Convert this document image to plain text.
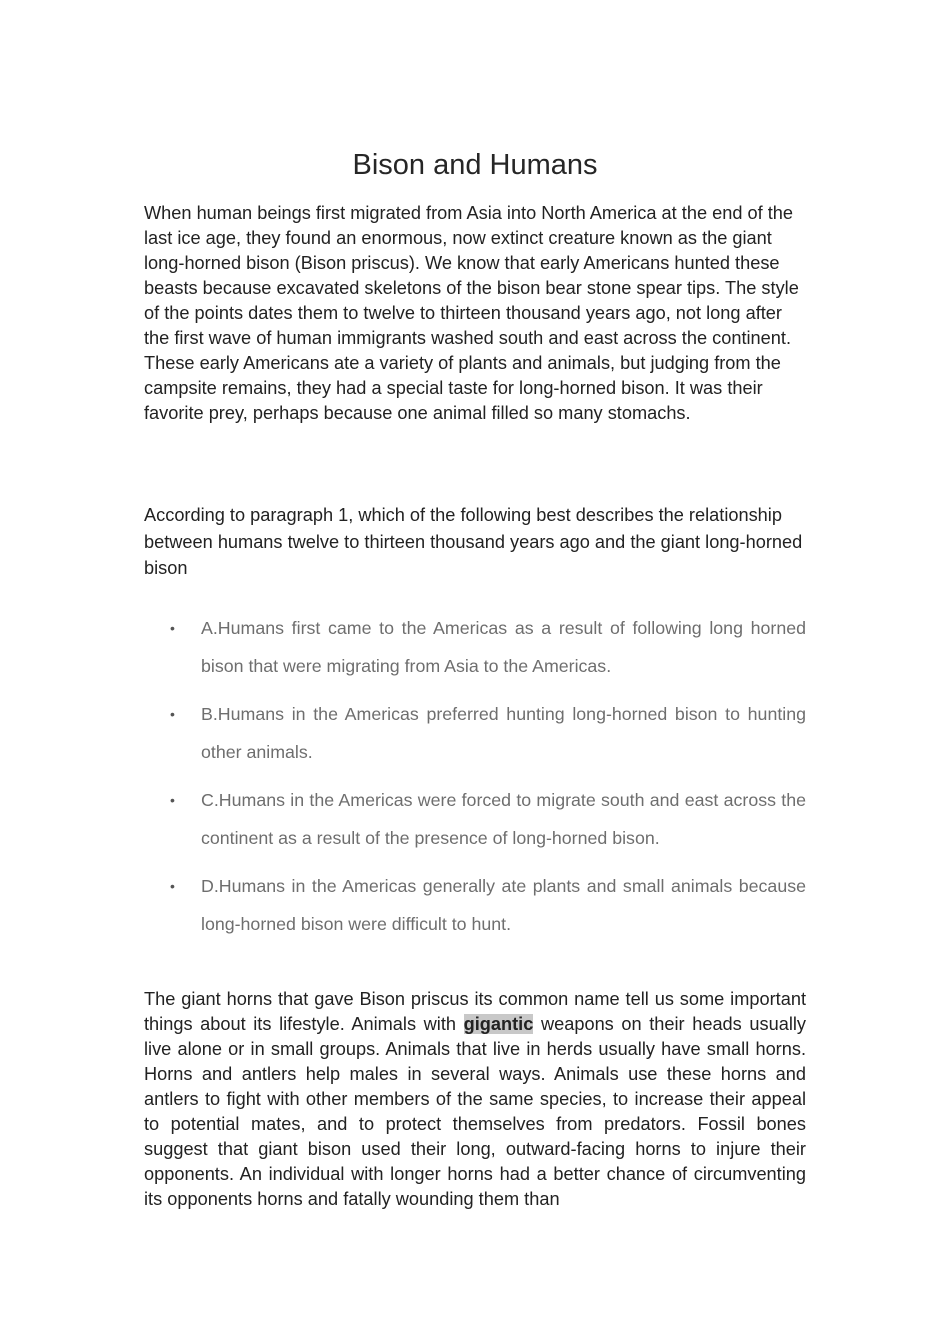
Bison and Humans

When human beings first migrated from Asia into North America at the end of the last ice age, they found an enormous, now extinct creature known as the giant long-horned bison (Bison priscus). We know that early Americans hunted these beasts because excavated skeletons of the bison bear stone spear tips. The style of the points dates them to twelve to thirteen thousand years ago, not long after the first wave of human immigrants washed south and east across the continent. These early Americans ate a variety of plants and animals, but judging from the campsite remains, they had a special taste for long-horned bison. It was their favorite prey, perhaps because one animal filled so many stomachs.

According to paragraph 1, which of the following best describes the relationship between humans twelve to thirteen thousand years ago and the giant long-horned bison

• A.Humans first came to the Americas as a result of following long horned bison that were migrating from Asia to the Americas.
• B.Humans in the Americas preferred hunting long-horned bison to hunting other animals.
• C.Humans in the Americas were forced to migrate south and east across the continent as a result of the presence of long-horned bison.
• D.Humans in the Americas generally ate plants and small animals because long-horned bison were difficult to hunt.

The giant horns that gave Bison priscus its common name tell us some important things about its lifestyle. Animals with gigantic weapons on their heads usually live alone or in small groups. Animals that live in herds usually have small horns. Horns and antlers help males in several ways. Animals use these horns and antlers to fight with other members of the same species, to increase their appeal to potential mates, and to protect themselves from predators. Fossil bones suggest that giant bison used their long, outward-facing horns to injure their opponents. An individual with longer horns had a better chance of circumventing its opponents horns and fatally wounding them than
